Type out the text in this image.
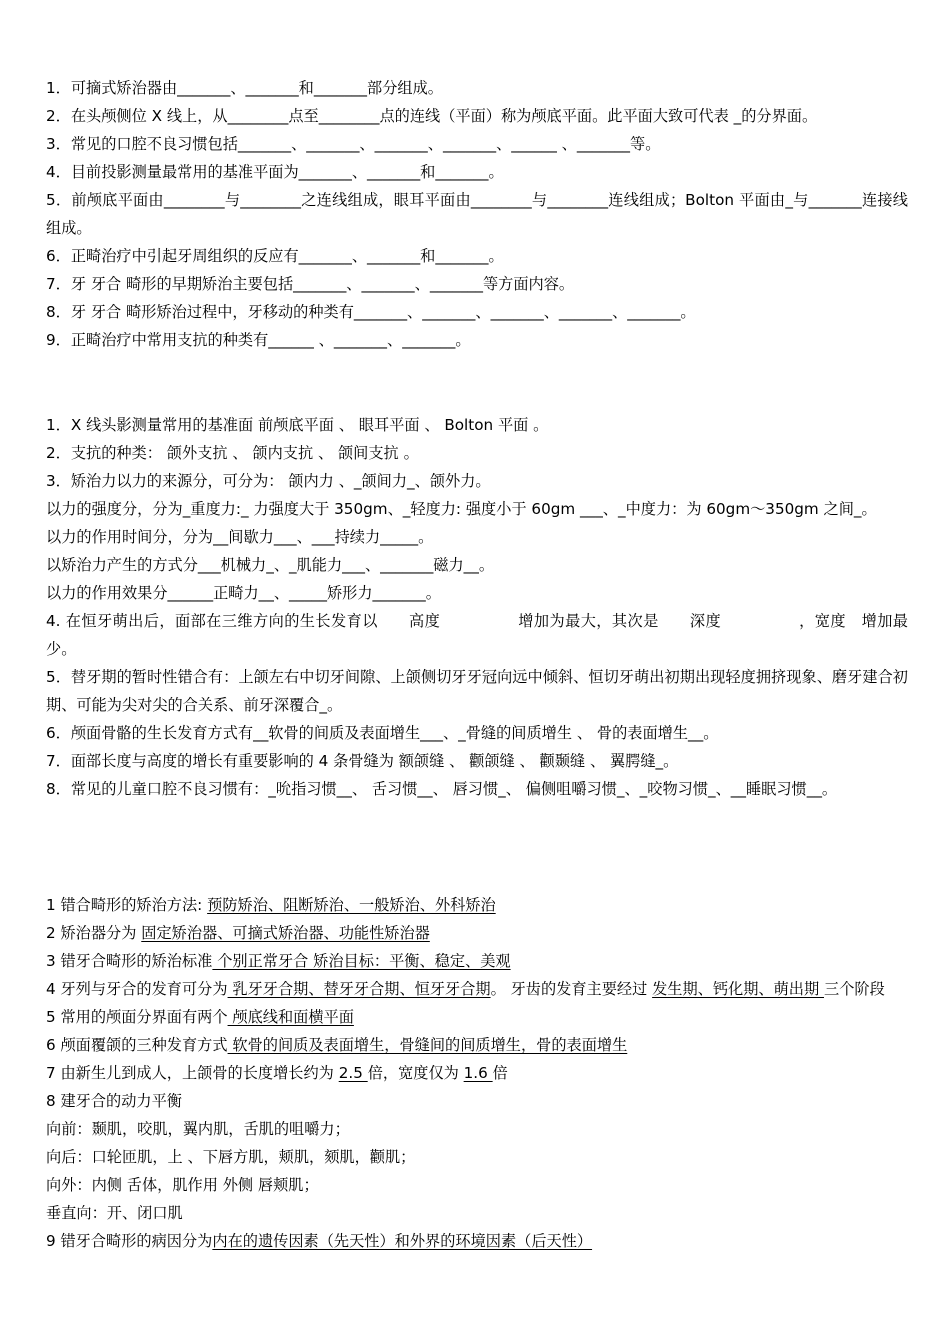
1．可摘式矫治器由_______、_______和_______部分组成。
2．在头颅侧位 X 线上，从________点至________点的连线（平面）称为颅底平面。此平面大致可代表 _的分界面。
3．常见的口腔不良习惯包括_______、_______、_______、_______、______ 、_______等。
4．目前投影测量最常用的基准平面为_______、_______和_______。
5．前颅底平面由________与________之连线组成，眼耳平面由________与________连线组成；Bolton 平面由_与_______连接线组成。
6．正畸治疗中引起牙周组织的反应有_______、_______和_______。
7．牙 牙合 畸形的早期矫治主要包括_______、_______、_______等方面内容。
8．牙 牙合 畸形矫治过程中，牙移动的种类有_______、_______、_______、_______、_______。
9．正畸治疗中常用支抗的种类有______ 、_______、_______。
1．X 线头影测量常用的基准面 前颅底平面 、 眼耳平面 、 Bolton 平面 。
2．支抗的种类： 颌外支抗 、 颌内支抗 、 颌间支抗 。
3．矫治力以力的来源分，可分为： 颌内力 、_颌间力_、颌外力。
以力的强度分，分为_重度力:_ 力强度大于 350gm、_轻度力: 强度小于 60gm ___、_中度力：为 60gm～350gm 之间_。
以力的作用时间分，分为__间歇力___、___持续力_____。
以矫治力产生的方式分___机械力_、_肌能力___、_______磁力__。
以力的作用效果分______正畸力__、_____矫形力_______。
4. 在恒牙萌出后，面部在三维方向的生长发育以　　高度　　　　　增加为最大，其次是　　深度　　　　　，宽度　增加最少。
5．替牙期的暂时性错合有：上颌左右中切牙间隙、上颌侧切牙牙冠向远中倾斜、恒切牙萌出初期出现轻度拥挤现象、磨牙建合初期、可能为尖对尖的合关系、前牙深覆合_。
6．颅面骨骼的生长发育方式有__软骨的间质及表面增生___、_骨缝的间质增生 、 骨的表面增生__。
7．面部长度与高度的增长有重要影响的 4 条骨缝为 额颌缝 、 颧颌缝 、 颧颞缝 、 翼腭缝_。
8．常见的儿童口腔不良习惯有：_吮指习惯__、 舌习惯__、 唇习惯_、 偏侧咀嚼习惯_、_咬物习惯_、__睡眠习惯__。
1 错合畸形的矫治方法: 预防矫治、阻断矫治、一般矫治、外科矫治
2 矫治器分为 固定矫治器、可摘式矫治器、功能性矫治器
3 错牙合畸形的矫治标准 个别正常牙合 矫治目标：平衡、稳定、美观
4 牙列与牙合的发育可分为 乳牙牙合期、替牙牙合期、恒牙牙合期。 牙齿的发育主要经过 发生期、钙化期、萌出期 三个阶段
5 常用的颅面分界面有两个 颅底线和面横平面
6 颅面覆颌的三种发育方式 软骨的间质及表面增生，骨缝间的间质增生，骨的表面增生
7 由新生儿到成人，上颌骨的长度增长约为 2.5 倍，宽度仅为 1.6 倍
8 建牙合的动力平衡
向前：颞肌，咬肌，翼内肌，舌肌的咀嚼力；
向后：口轮匝肌，上 、下唇方肌，颊肌，颏肌，颧肌；
向外：内侧 舌体，肌作用 外侧 唇颊肌；
垂直向：开、闭口肌
9 错牙合畸形的病因分为内在的遗传因素（先天性）和外界的环境因素（后天性）
